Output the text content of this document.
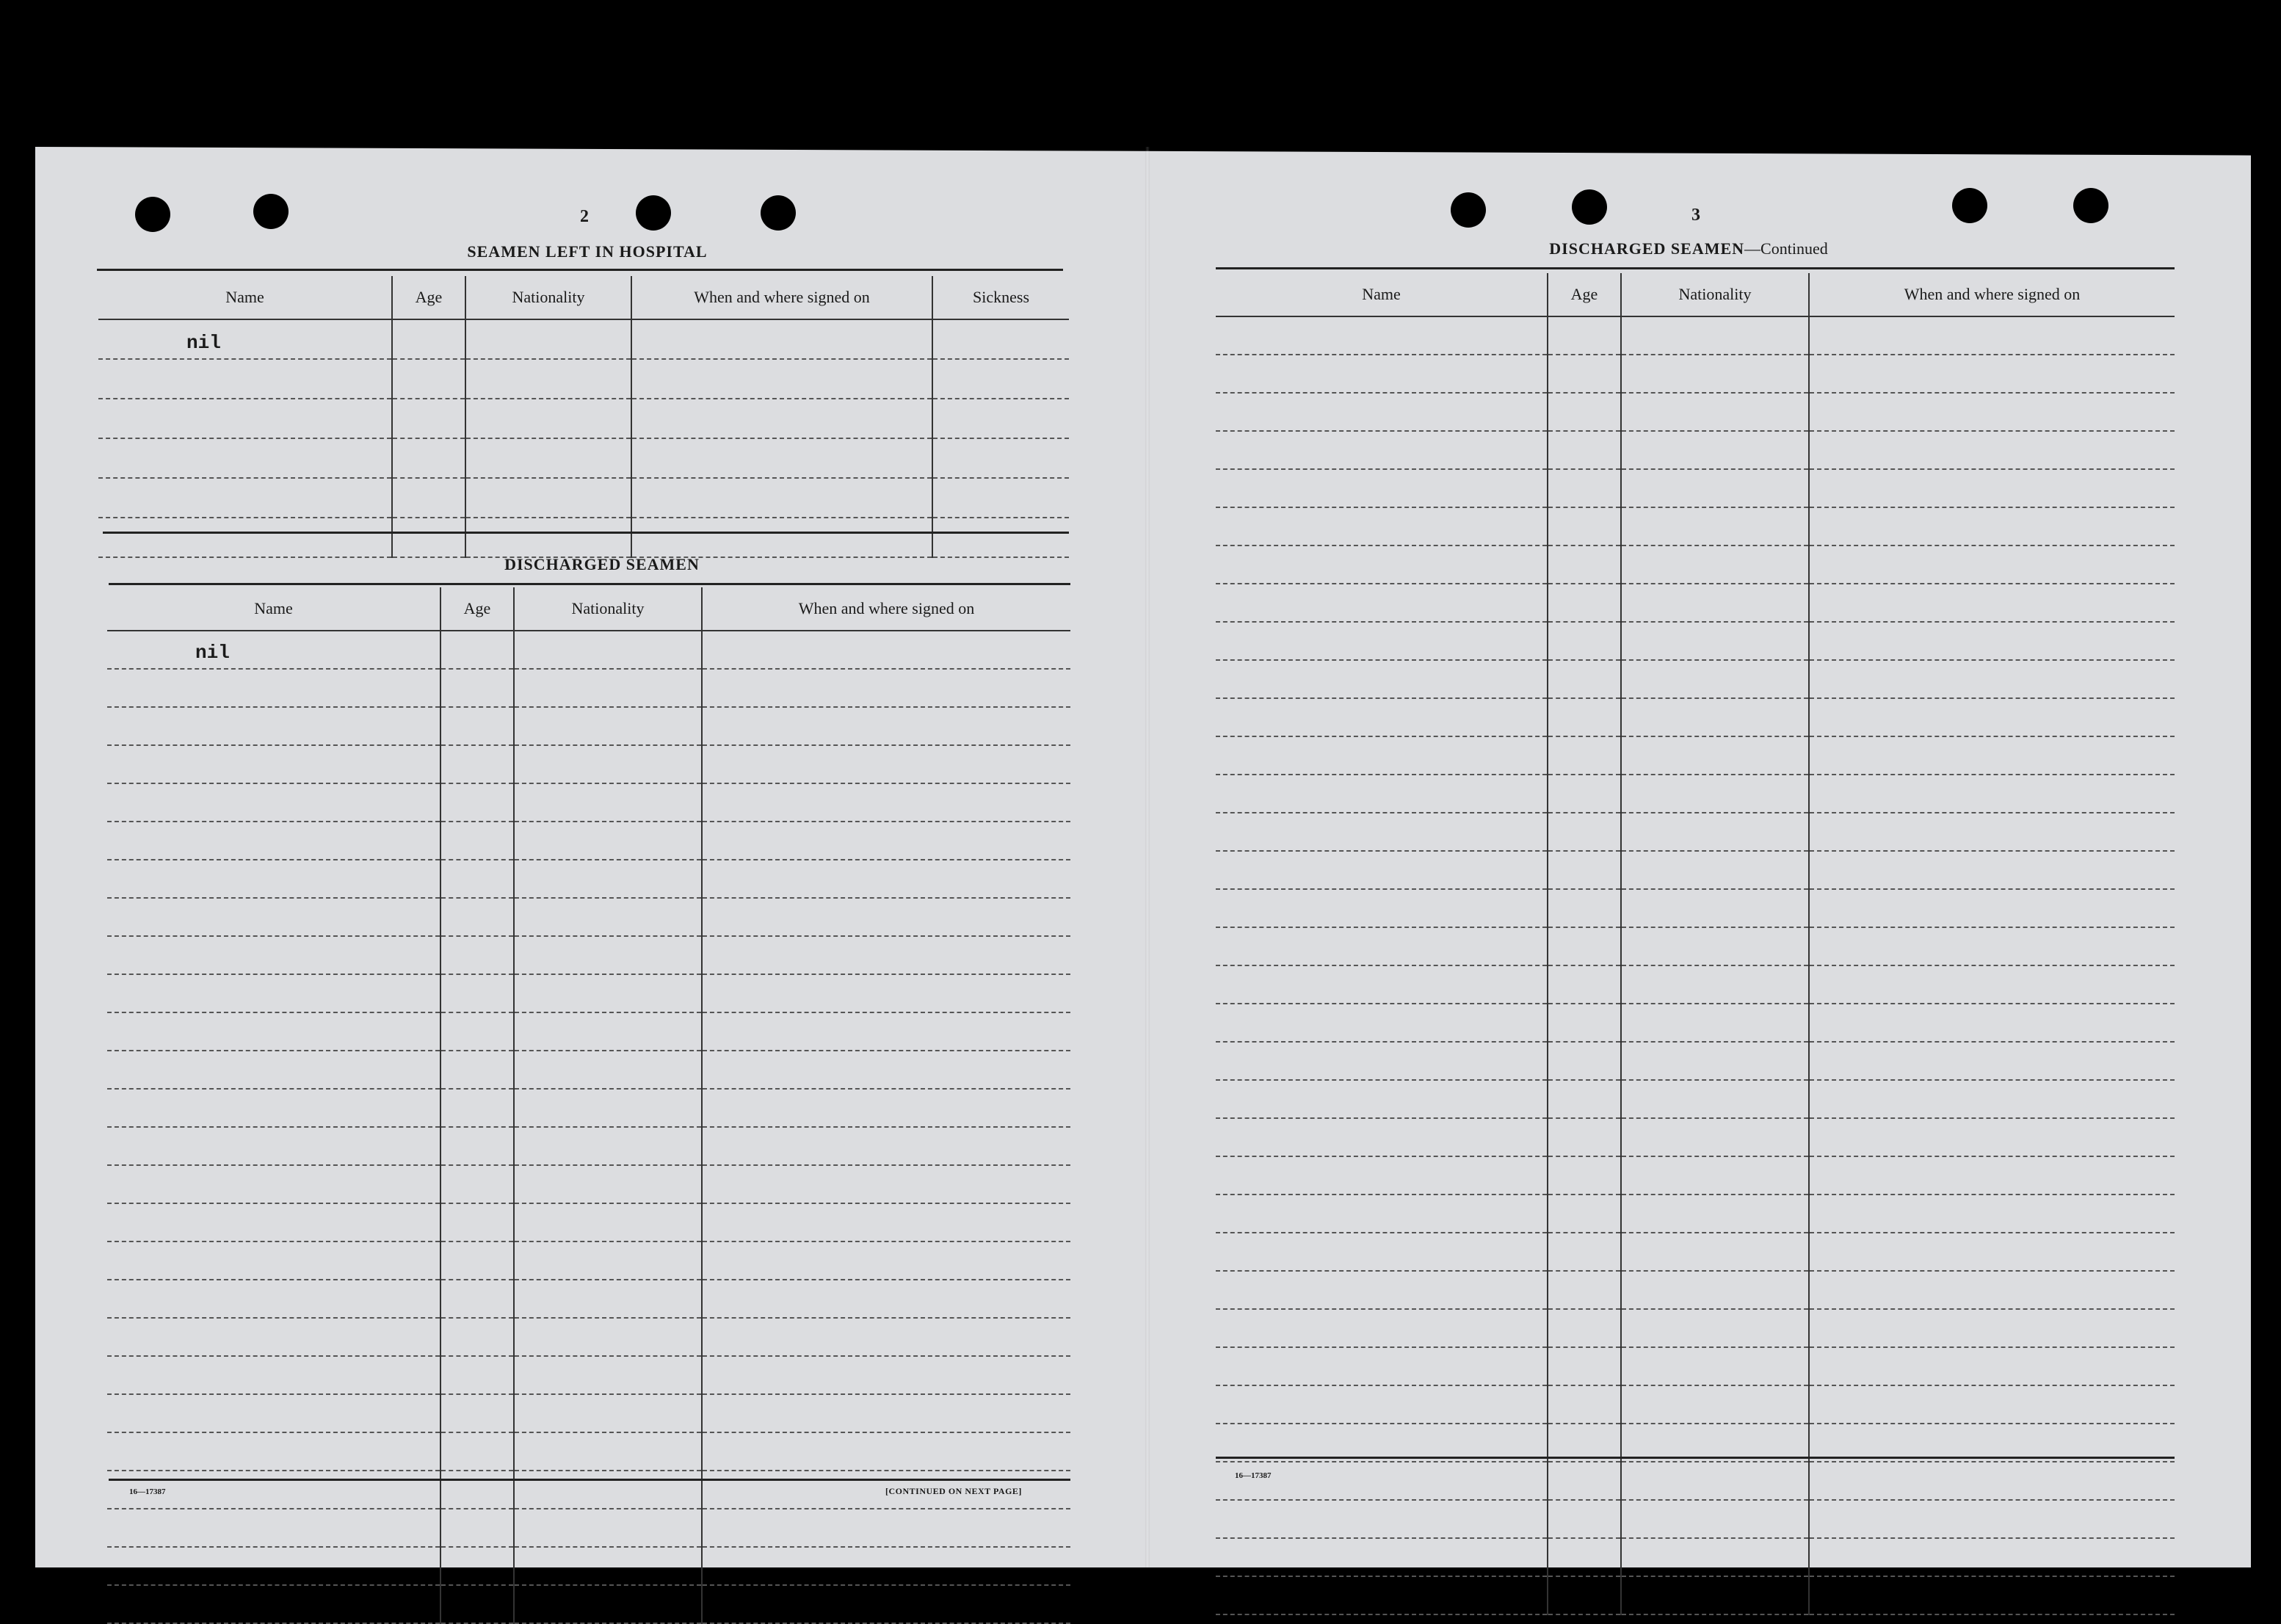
2
SEAMEN LEFT IN HOSPITAL
Name	Age	Nationality	When and where signed on	Sickness
nil				

DISCHARGED SEAMEN
Name	Age	Nationality	When and where signed on
nil			

16—17387	[CONTINUED ON NEXT PAGE]
3
DISCHARGED SEAMEN—Continued
Name	Age	Nationality	When and where signed on

16—17387
